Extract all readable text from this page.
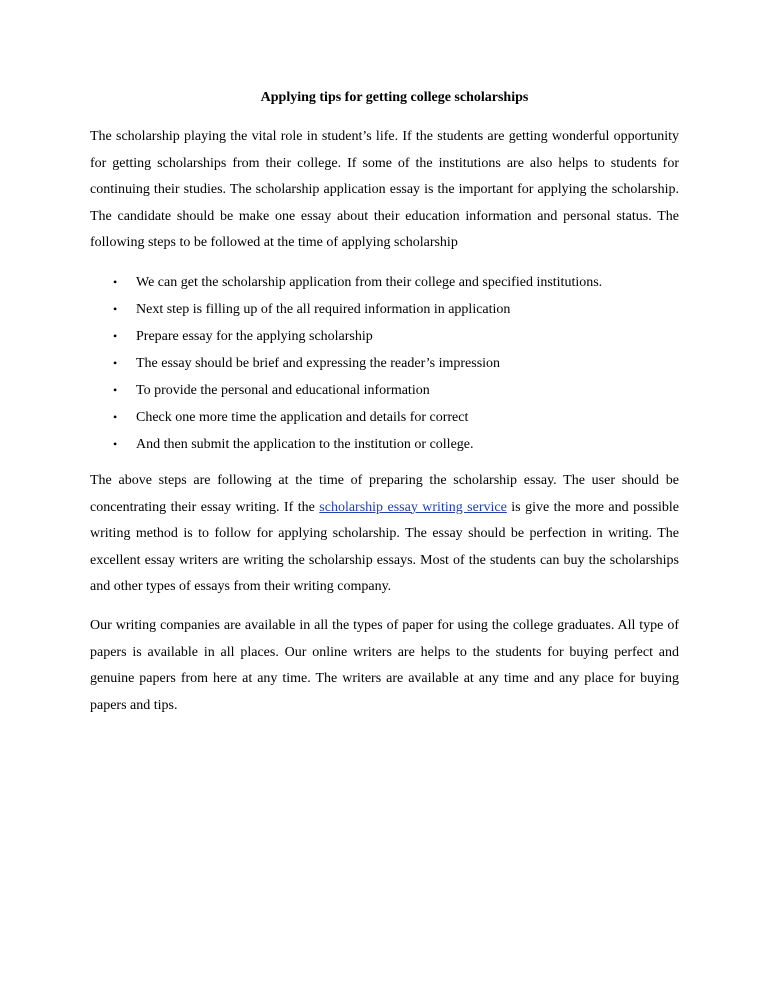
Applying tips for getting college scholarships

The scholarship playing the vital role in student’s life. If the students are getting wonderful opportunity for getting scholarships from their college. If some of the institutions are also helps to students for continuing their studies. The scholarship application essay is the important for applying the scholarship. The candidate should be make one essay about their education information and personal status. The following steps to be followed at the time of applying scholarship

• We can get the scholarship application from their college and specified institutions.
• Next step is filling up of the all required information in application
• Prepare essay for the applying scholarship
• The essay should be brief and expressing the reader’s impression
• To provide the personal and educational information
• Check one more time the application and details for correct
• And then submit the application to the institution or college.

The above steps are following at the time of preparing the scholarship essay. The user should be concentrating their essay writing. If the scholarship essay writing service is give the more and possible writing method is to follow for applying scholarship. The essay should be perfection in writing. The excellent essay writers are writing the scholarship essays. Most of the students can buy the scholarships and other types of essays from their writing company.

Our writing companies are available in all the types of paper for using the college graduates. All type of papers is available in all places. Our online writers are helps to the students for buying perfect and genuine papers from here at any time. The writers are available at any time and any place for buying papers and tips.
